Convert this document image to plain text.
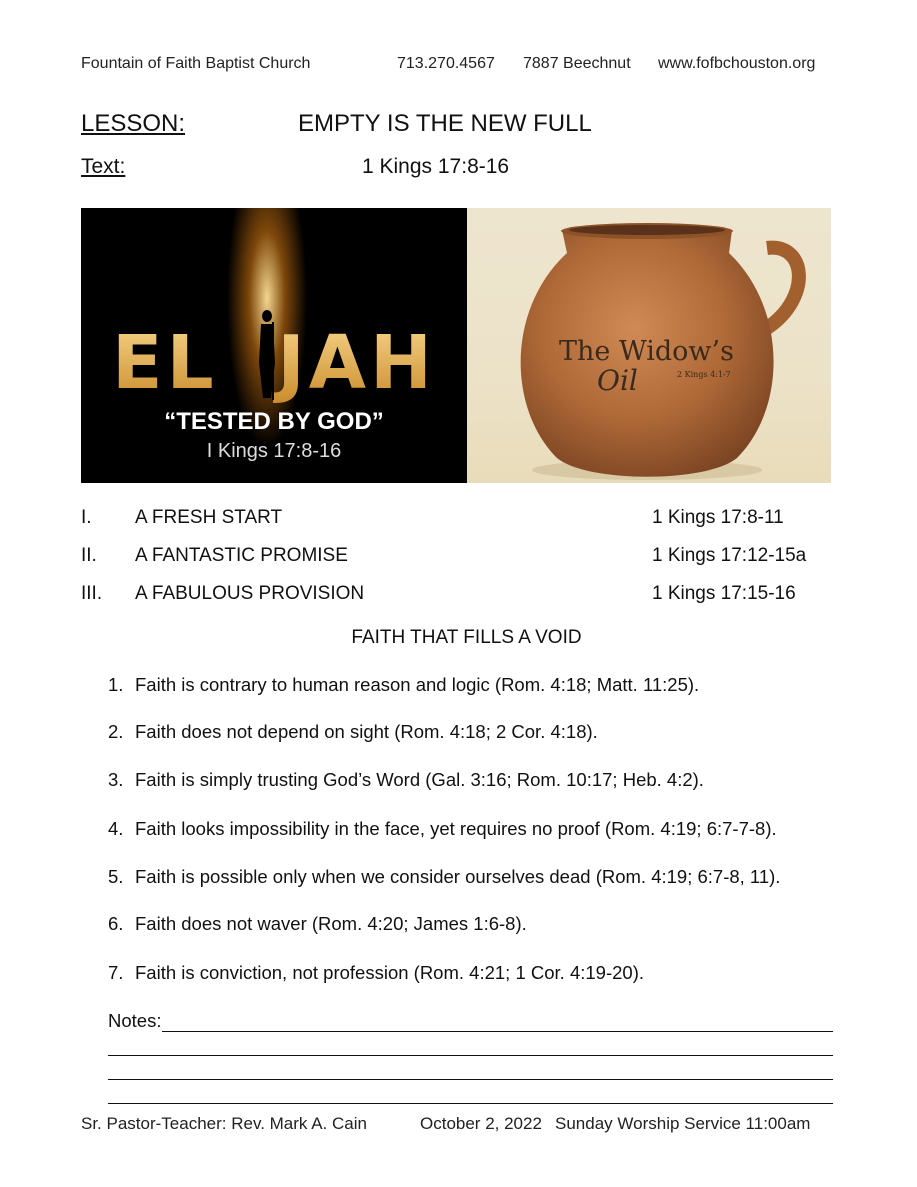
Fountain of Faith Baptist Church	713.270.4567 7887 Beechnut www.fofbchouston.org
LESSON:	EMPTY IS THE NEW FULL
Text:	1 Kings 17:8-16
EL JAH
“TESTED BY GOD”
I Kings 17:8-16
The Widow’s
Oil	2 Kings 4:1-7
I. A FRESH START	1 Kings 17:8-11
II. A FANTASTIC PROMISE	1 Kings 17:12-15a
III. A FABULOUS PROVISION	1 Kings 17:15-16
FAITH THAT FILLS A VOID
1. Faith is contrary to human reason and logic (Rom. 4:18; Matt. 11:25).
2. Faith does not depend on sight (Rom. 4:18; 2 Cor. 4:18).
3. Faith is simply trusting God’s Word (Gal. 3:16; Rom. 10:17; Heb. 4:2).
4. Faith looks impossibility in the face, yet requires no proof (Rom. 4:19; 6:7-7-8).
5. Faith is possible only when we consider ourselves dead (Rom. 4:19; 6:7-8, 11).
6. Faith does not waver (Rom. 4:20; James 1:6-8).
7. Faith is conviction, not profession (Rom. 4:21; 1 Cor. 4:19-20).
Notes:
Sr. Pastor-Teacher: Rev. Mark A. Cain	October 2, 2022 Sunday Worship Service 11:00am
